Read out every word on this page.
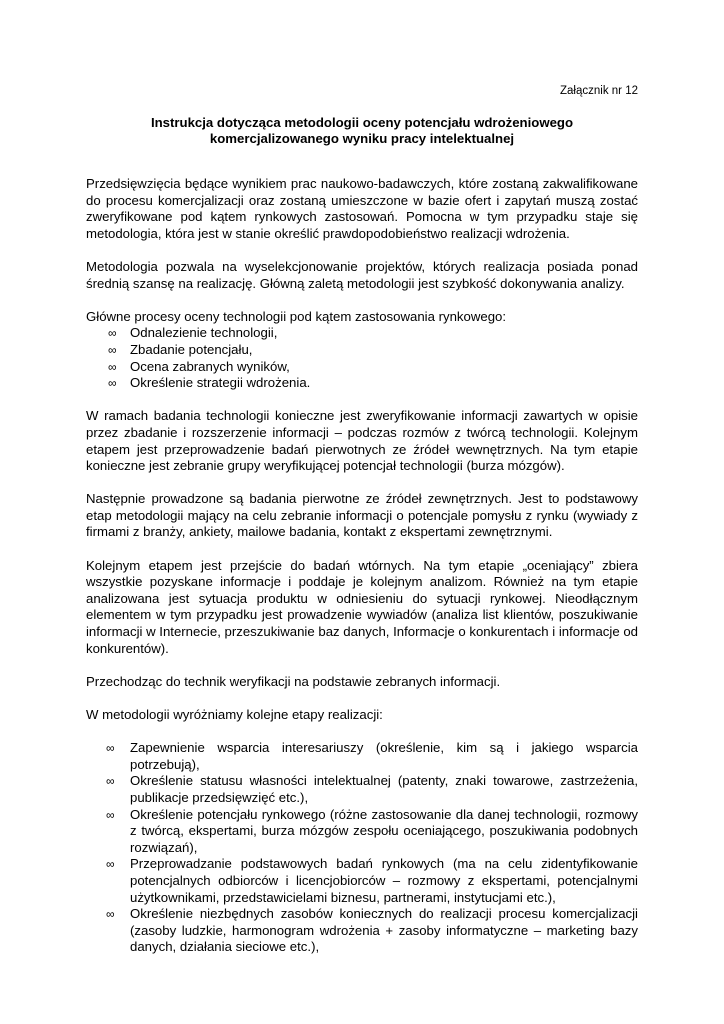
Załącznik nr 12
Instrukcja dotycząca metodologii oceny potencjału wdrożeniowego
komercjalizowanego wyniku pracy intelektualnej

Przedsięwzięcia będące wynikiem prac naukowo-badawczych, które zostaną zakwalifikowane do procesu komercjalizacji oraz zostaną umieszczone w bazie ofert i zapytań muszą zostać zweryfikowane pod kątem rynkowych zastosowań. Pomocna w tym przypadku staje się metodologia, która jest w stanie określić prawdopodobieństwo realizacji wdrożenia.

Metodologia pozwala na wyselekcjonowanie projektów, których realizacja posiada ponad średnią szansę na realizację. Główną zaletą metodologii jest szybkość dokonywania analizy.

Główne procesy oceny technologii pod kątem zastosowania rynkowego:

∞	Odnalezienie technologii,
∞	Zbadanie potencjału,
∞	Ocena zabranych wyników,
∞	Określenie strategii wdrożenia.

W ramach badania technologii konieczne jest zweryfikowanie informacji zawartych w opisie przez zbadanie i rozszerzenie informacji – podczas rozmów z twórcą technologii. Kolejnym etapem jest przeprowadzenie badań pierwotnych ze źródeł wewnętrznych. Na tym etapie konieczne jest zebranie grupy weryfikującej potencjał technologii (burza mózgów).

Następnie prowadzone są badania pierwotne ze źródeł zewnętrznych. Jest to podstawowy etap metodologii mający na celu zebranie informacji o potencjale pomysłu z rynku (wywiady z firmami z branży, ankiety, mailowe badania, kontakt z ekspertami zewnętrznymi.

Kolejnym etapem jest przejście do badań wtórnych. Na tym etapie „oceniający” zbiera wszystkie pozyskane informacje i poddaje je kolejnym analizom. Również na tym etapie analizowana jest sytuacja produktu w odniesieniu do sytuacji rynkowej. Nieodłącznym elementem w tym przypadku jest prowadzenie wywiadów (analiza list klientów, poszukiwanie informacji w Internecie, przeszukiwanie baz danych, Informacje o konkurentach i informacje od konkurentów).

Przechodząc do technik weryfikacji na podstawie zebranych informacji.

W metodologii wyróżniamy kolejne etapy realizacji:

∞	Zapewnienie wsparcia interesariuszy (określenie, kim są i jakiego wsparcia potrzebują),
∞	Określenie statusu własności intelektualnej (patenty, znaki towarowe, zastrzeżenia, publikacje przedsięwzięć etc.),
∞	Określenie potencjału rynkowego (różne zastosowanie dla danej technologii, rozmowy z twórcą, ekspertami, burza mózgów zespołu oceniającego, poszukiwania podobnych rozwiązań),
∞	Przeprowadzanie podstawowych badań rynkowych (ma na celu zidentyfikowanie potencjalnych odbiorców i licencjobiorców – rozmowy z ekspertami, potencjalnymi użytkownikami, przedstawicielami biznesu, partnerami, instytucjami etc.),
∞	Określenie niezbędnych zasobów koniecznych do realizacji procesu komercjalizacji (zasoby ludzkie, harmonogram wdrożenia + zasoby informatyczne – marketing bazy danych, działania sieciowe etc.),
